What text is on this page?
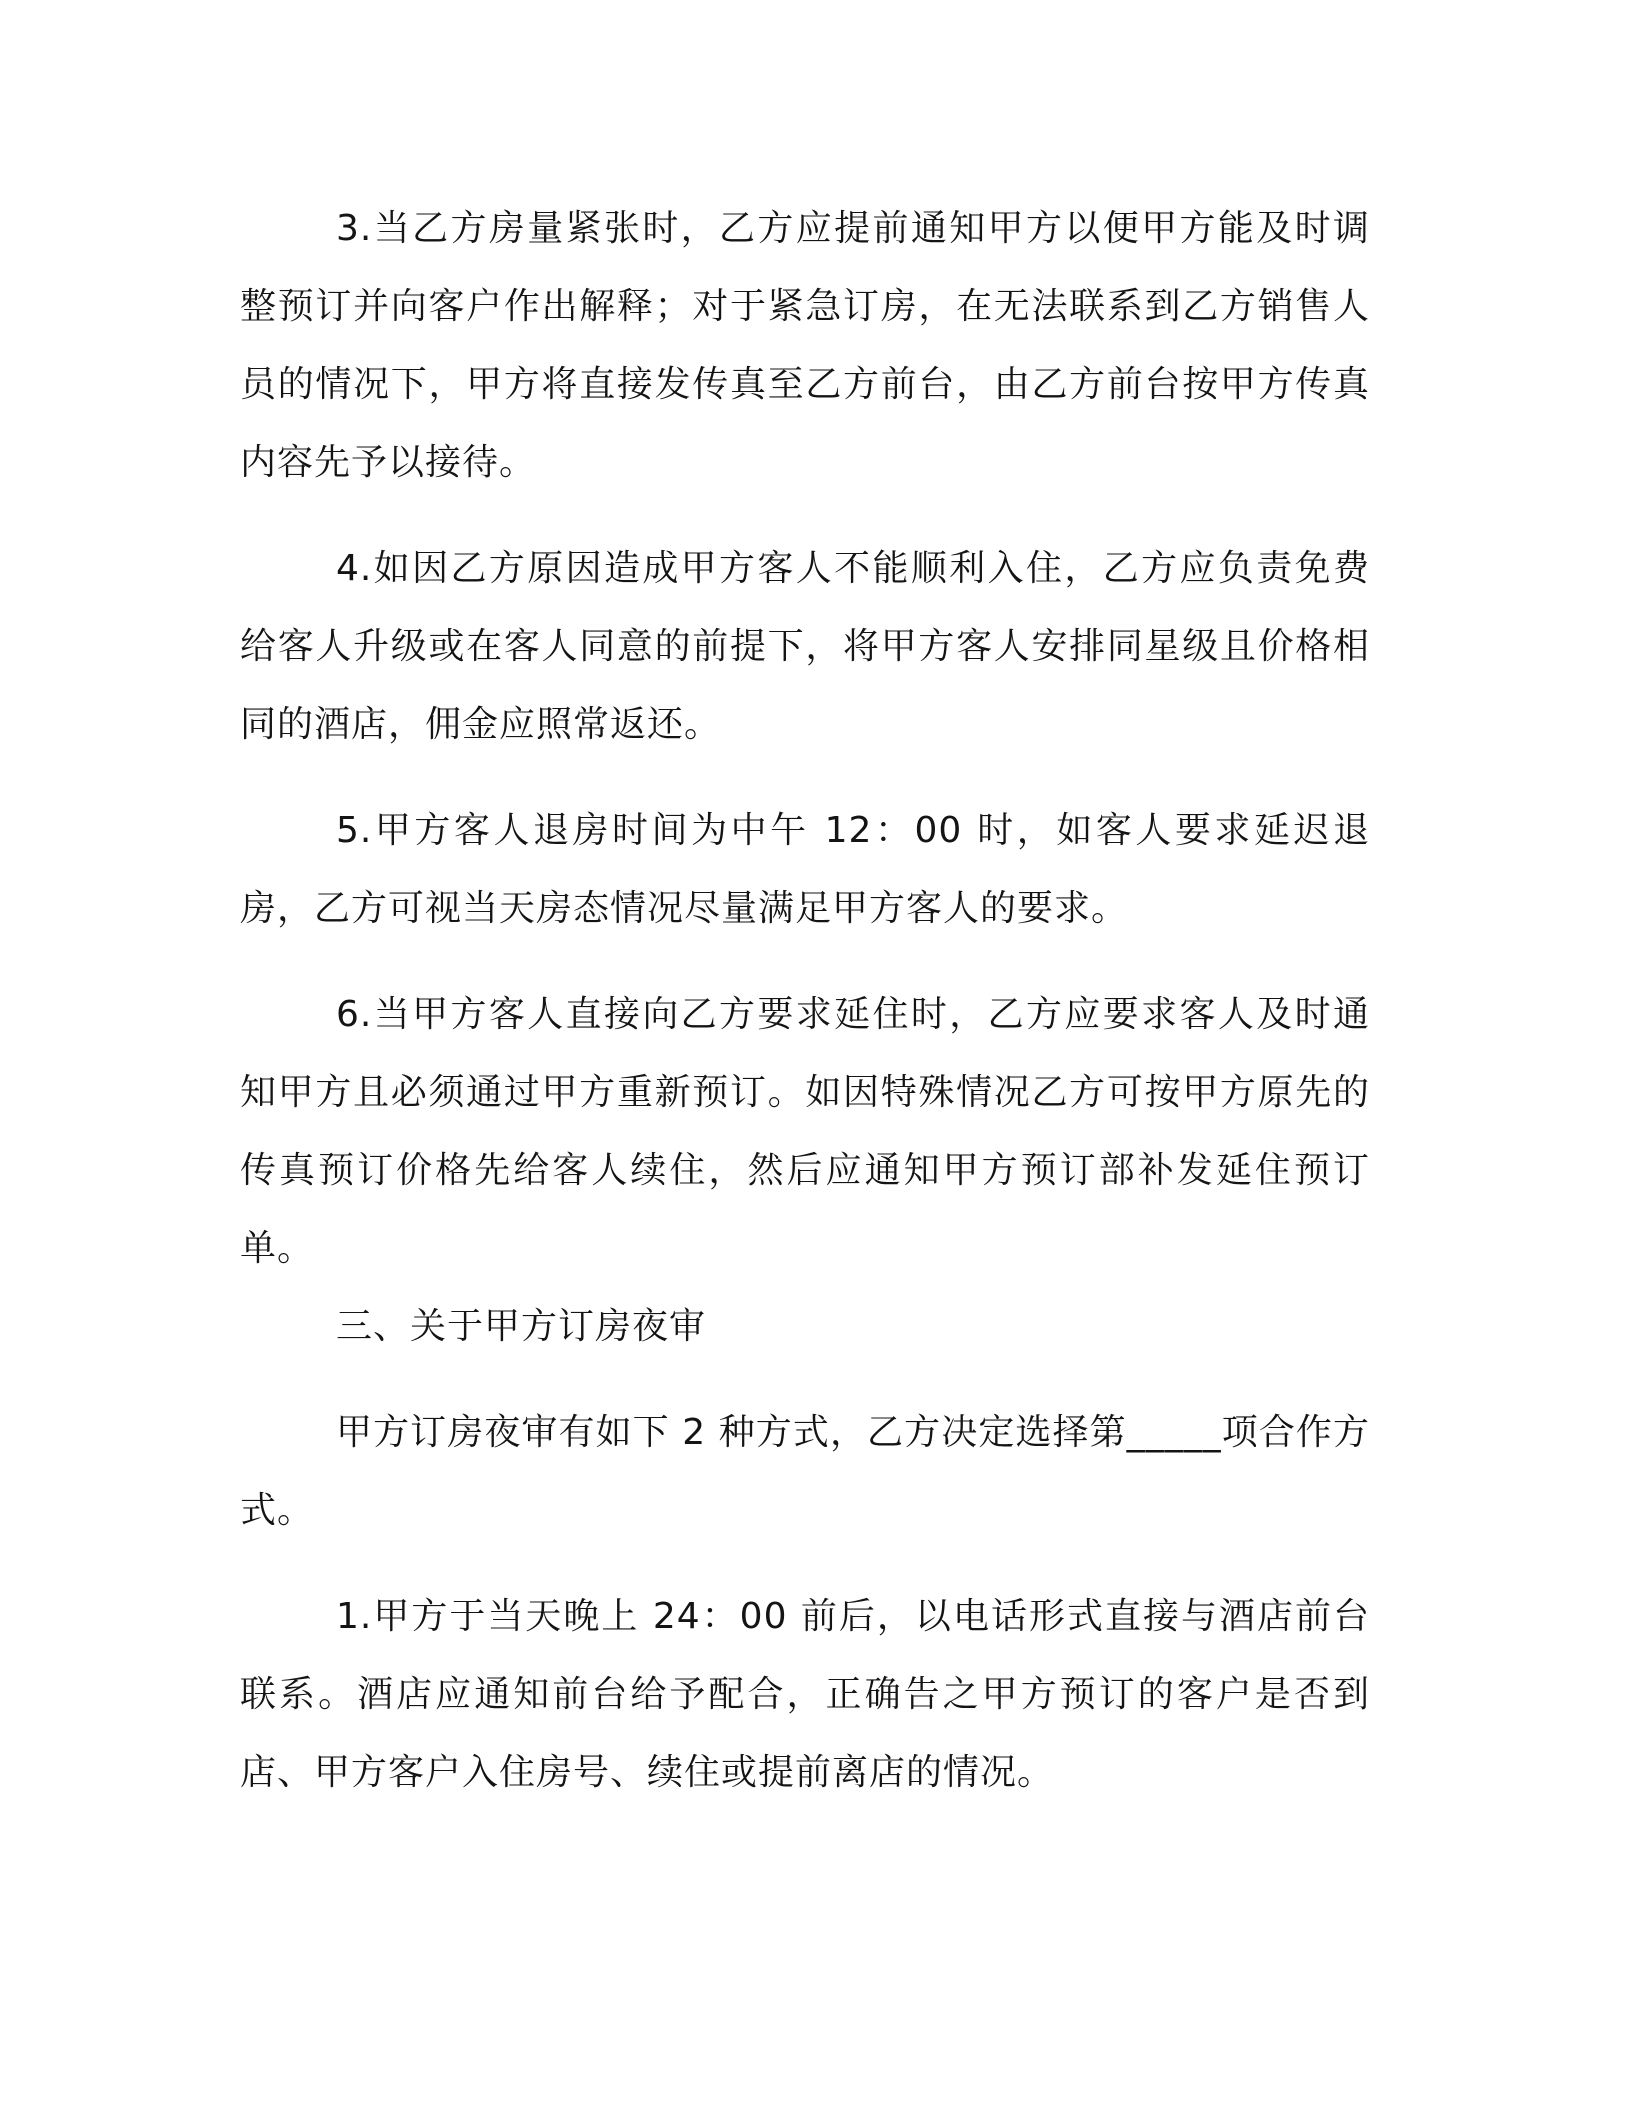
3.当乙方房量紧张时，乙方应提前通知甲方以便甲方能及时调整预订并向客户作出解释；对于紧急订房，在无法联系到乙方销售人员的情况下，甲方将直接发传真至乙方前台，由乙方前台按甲方传真内容先予以接待。

4.如因乙方原因造成甲方客人不能顺利入住，乙方应负责免费给客人升级或在客人同意的前提下，将甲方客人安排同星级且价格相同的酒店，佣金应照常返还。

5.甲方客人退房时间为中午 12：00 时，如客人要求延迟退房，乙方可视当天房态情况尽量满足甲方客人的要求。

6.当甲方客人直接向乙方要求延住时，乙方应要求客人及时通知甲方且必须通过甲方重新预订。如因特殊情况乙方可按甲方原先的传真预订价格先给客人续住，然后应通知甲方预订部补发延住预订单。

三、关于甲方订房夜审

甲方订房夜审有如下 2 种方式，乙方决定选择第_____项合作方式。

1.甲方于当天晚上 24：00 前后，以电话形式直接与酒店前台联系。酒店应通知前台给予配合，正确告之甲方预订的客户是否到店、甲方客户入住房号、续住或提前离店的情况。
